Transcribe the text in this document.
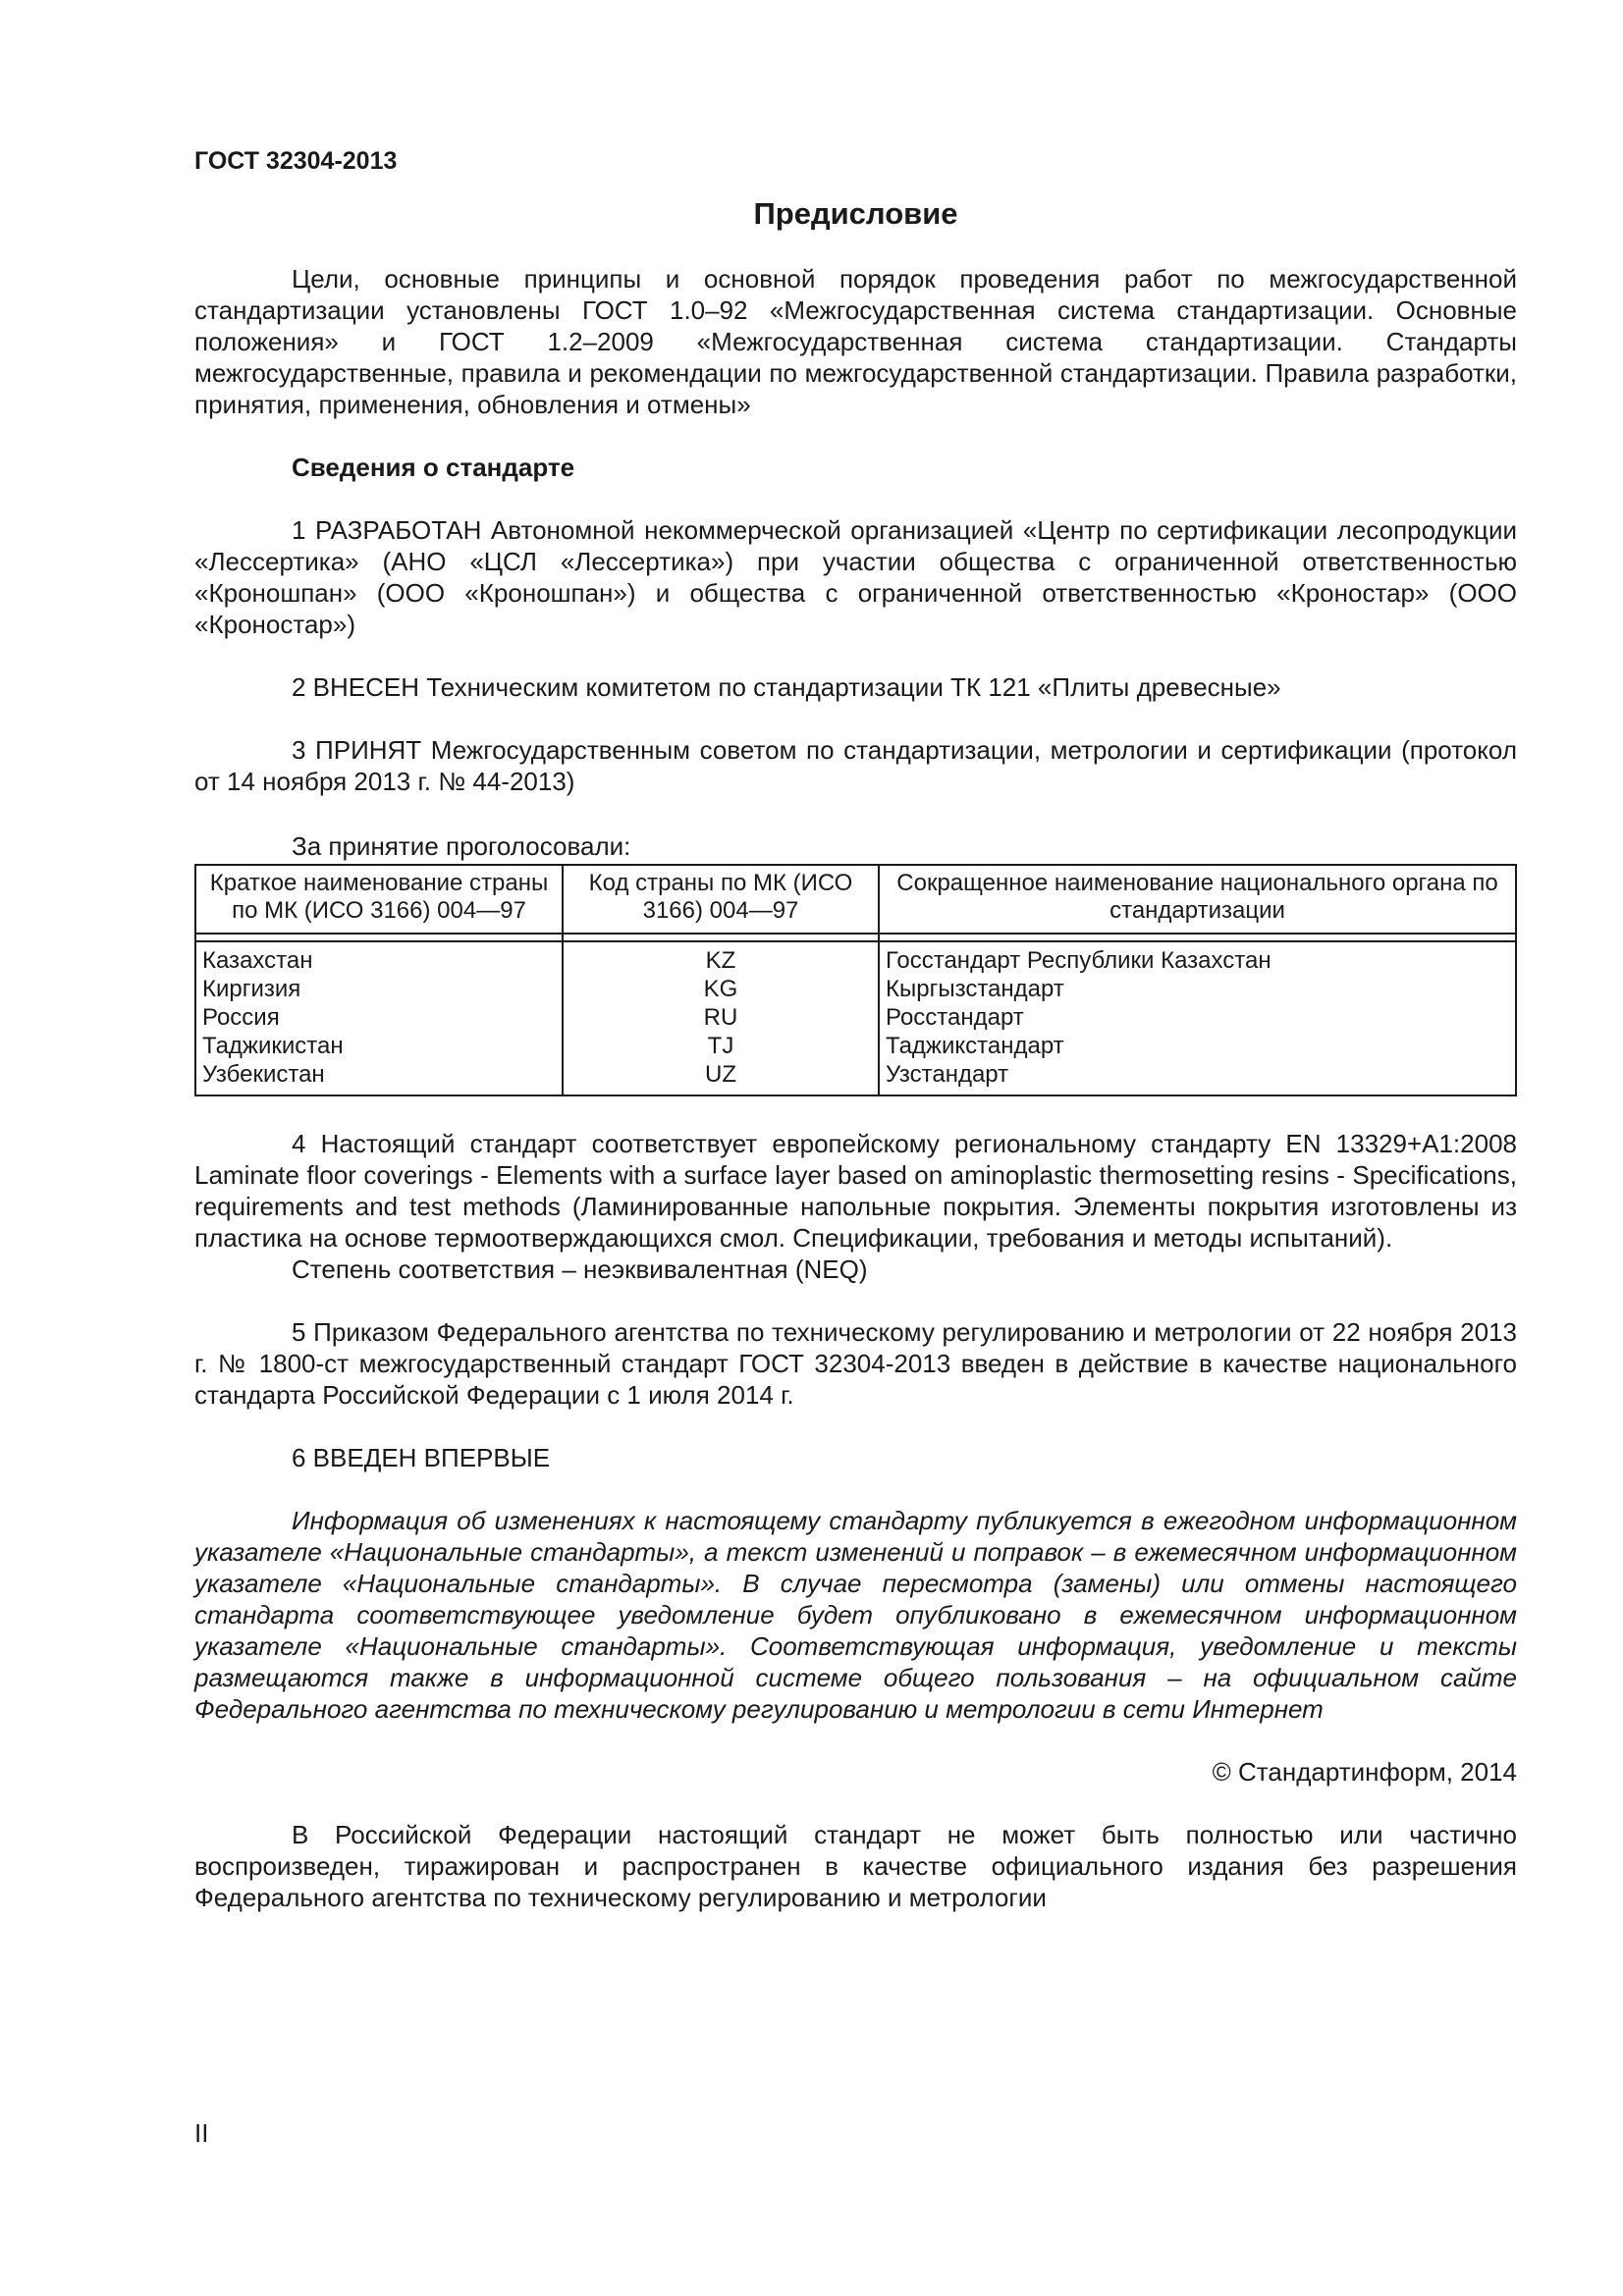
ГОСТ 32304-2013

Предисловие

Цели, основные принципы и основной порядок проведения работ по межгосударственной стандартизации установлены ГОСТ 1.0–92 «Межгосударственная система стандартизации. Основные положения» и ГОСТ 1.2–2009 «Межгосударственная система стандартизации. Стандарты межгосударственные, правила и рекомендации по межгосударственной стандартизации. Правила разработки, принятия, применения, обновления и отмены»

Сведения о стандарте

1 РАЗРАБОТАН Автономной некоммерческой организацией «Центр по сертификации лесопродукции «Лессертика» (АНО «ЦСЛ «Лессертика») при участии общества с ограниченной ответственностью «Кроношпан» (ООО «Кроношпан») и общества с ограниченной ответственностью «Кроностар» (ООО «Кроностар»)

2 ВНЕСЕН Техническим комитетом по стандартизации ТК 121 «Плиты древесные»

3 ПРИНЯТ Межгосударственным советом по стандартизации, метрологии и сертификации (протокол от 14 ноября 2013 г. № 44-2013)

За принятие проголосовали:

Краткое наименование страны по МК (ИСО 3166) 004—97	Код страны по МК (ИСО 3166) 004—97	Сокращенное наименование национального органа по стандартизации

Казахстан	KZ	Госстандарт Республики Казахстан
Киргизия	KG	Кыргызстандарт
Россия	RU	Росстандарт
Таджикистан	TJ	Таджикстандарт
Узбекистан	UZ	Узстандарт

4 Настоящий стандарт соответствует европейскому региональному стандарту EN 13329+A1:2008 Laminate floor coverings - Elements with a surface layer based on aminoplastic thermosetting resins - Specifications, requirements and test methods (Ламинированные напольные покрытия. Элементы покрытия изготовлены из пластика на основе термоотверждающихся смол. Спецификации, требования и методы испытаний).

Степень соответствия – неэквивалентная (NEQ)

5 Приказом Федерального агентства по техническому регулированию и метрологии от 22 ноября 2013 г. № 1800-ст межгосударственный стандарт ГОСТ 32304-2013 введен в действие в качестве национального стандарта Российской Федерации с 1 июля 2014 г.

6 ВВЕДЕН ВПЕРВЫЕ

Информация об изменениях к настоящему стандарту публикуется в ежегодном информационном указателе «Национальные стандарты», а текст изменений и поправок – в ежемесячном информационном указателе «Национальные стандарты». В случае пересмотра (замены) или отмены настоящего стандарта соответствующее уведомление будет опубликовано в ежемесячном информационном указателе «Национальные стандарты». Соответствующая информация, уведомление и тексты размещаются также в информационной системе общего пользования – на официальном сайте Федерального агентства по техническому регулированию и метрологии в сети Интернет

© Стандартинформ, 2014

В Российской Федерации настоящий стандарт не может быть полностью или частично воспроизведен, тиражирован и распространен в качестве официального издания без разрешения Федерального агентства по техническому регулированию и метрологии

II
